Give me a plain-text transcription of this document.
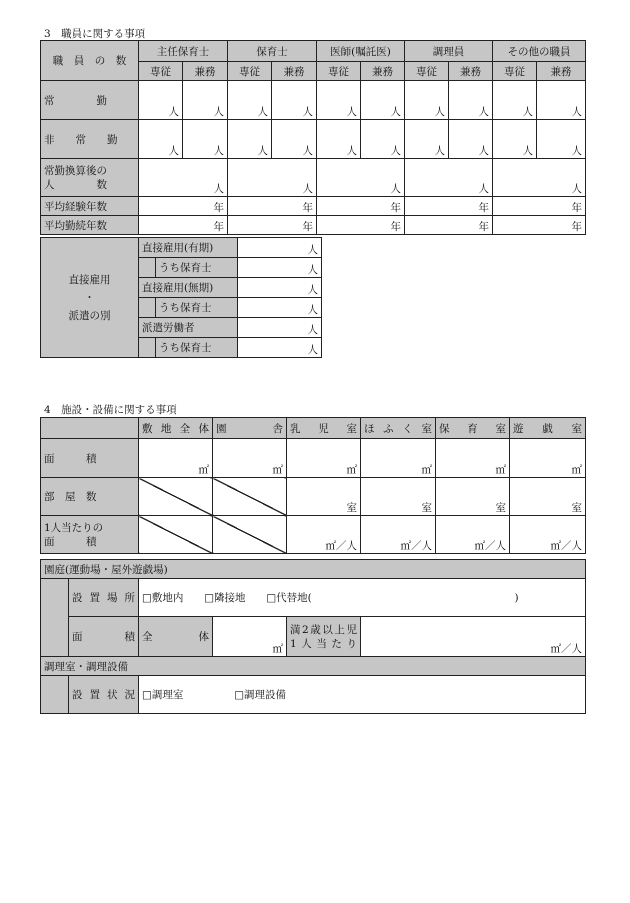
3　職員に関する事項
職　員　の　数	主任保育士		保育士		医師(嘱託医)		調理員		その他の職員	
	専従	兼務	専従	兼務	専従	兼務	専従	兼務	専従	兼務
常　　　　勤	人	人	人	人	人	人	人	人	人	人
非　　常　　勤	人	人	人	人	人	人	人	人	人	人

常勤換算後の
人　　　　数	人		人		人		人		人	
平均経験年数	年		年		年		年		年	
平均勤続年数	年		年		年		年		年	
直接雇用
・
派遣の別	直接雇用(有期)		人
		うち保育士	人
	直接雇用(無期)		人
		うち保育士	人
	派遣労働者		人
		うち保育士	人
4　施設・設備に関する事項
	敷地全体	園　　舎	乳　児　室	ほふく室	保　育　室	遊　戯　室
面　　　積	㎡	㎡	㎡	㎡	㎡	㎡
部　屋　数			室	室	室	室

1人当たりの
面　　　積			㎡／人	㎡／人	㎡／人	㎡／人
園庭(運動場・屋外遊戯場)					
	設置場所	□敷地内 □隣接地 □代替地( )			
	面　　　積	全　　体	㎡	満2歳以上児
1人当たり	㎡／人
調理室・調理設備					
	設置状況	□調理室 □調理設備			
